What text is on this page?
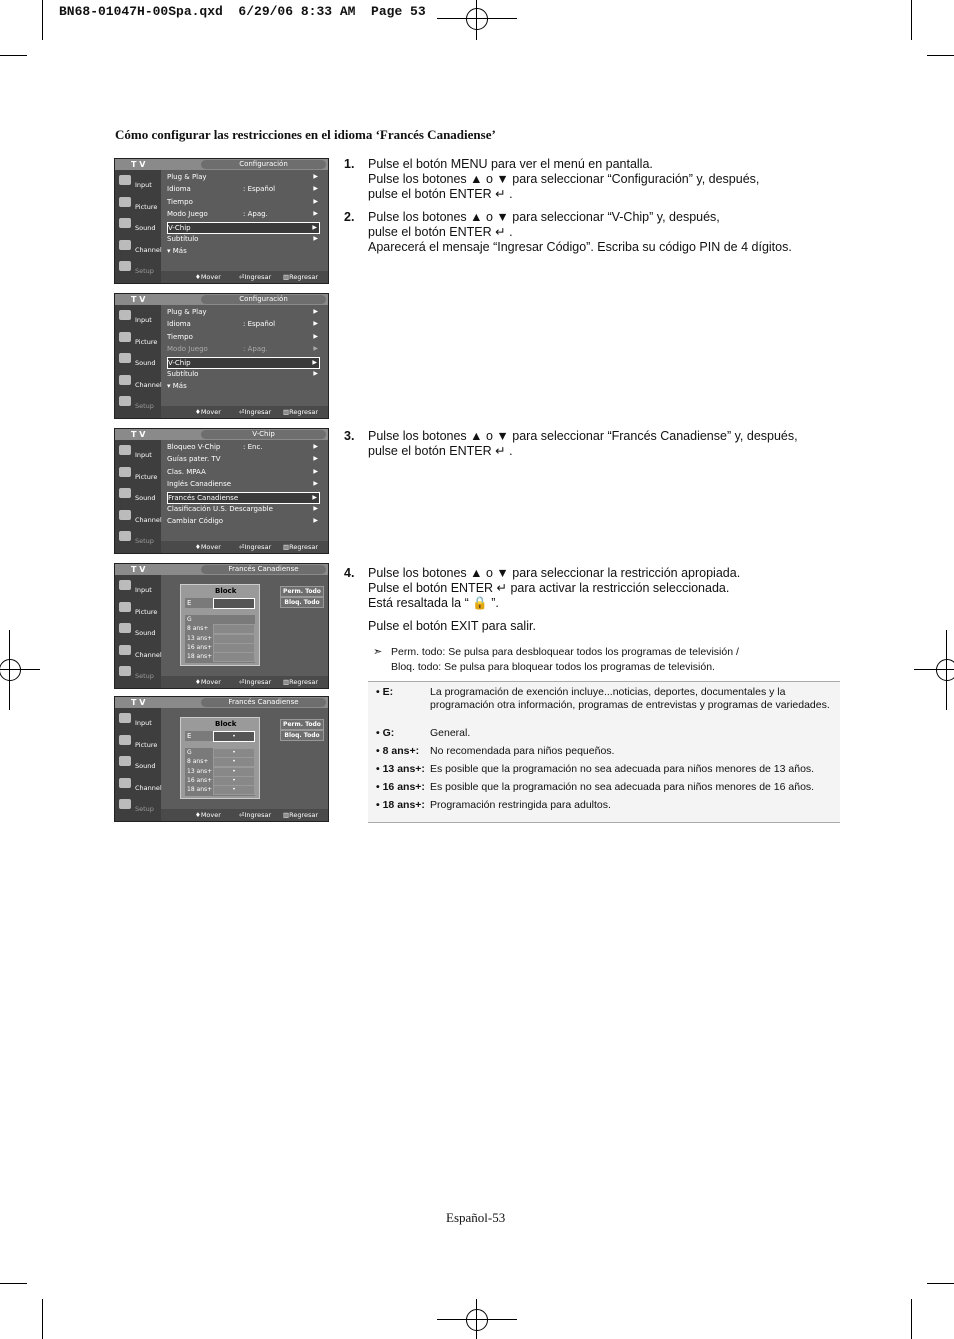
BN68-01047H-00Spa.qxd  6/29/06 8:33 AM  Page 53
Cómo configurar las restricciones en el idioma ‘Francés Canadiense’
T V	Configuración
Input
Picture
Sound
Channel
Setup
♦Mover	⏎Ingresar ▥Regresar
Plug & Play	▶
Idioma	: Español	▶
Tiempo	▶
Modo Juego	: Apag.	▶
V-Chip	▶
Subtítulo	▶
▾ Más
T V	Configuración
Input
Picture
Sound
Channel
Setup
♦Mover	⏎Ingresar ▥Regresar
Plug & Play	▶
Idioma	: Español	▶
Tiempo	▶
Modo Juego	: Apag.	▶
V-Chip	▶
Subtítulo	▶
▾ Más
T V	V-Chip
Input
Picture
Sound
Channel
Setup
♦Mover	⏎Ingresar ▥Regresar
Bloqueo V-Chip	: Enc.	▶
Guías pater. TV	▶
Clas. MPAA	▶
Inglés Canadiense	▶
Francés Canadiense	▶
Clasificación U.S. Descargable	▶
Cambiar Código	▶
T V	Francés Canadiense
Input
Picture
Sound
Channel
Setup
♦Mover	⏎Ingresar ▥Regresar
Block
E
G
8 ans+
13 ans+
16 ans+
18 ans+
Perm. Todo
Bloq. Todo
T V	Francés Canadiense
Input
Picture
Sound
Channel
Setup
♦Mover	⏎Ingresar ▥Regresar
Block
E	•
G	•
8 ans+	•
13 ans+	•
16 ans+	•
18 ans+	•
Perm. Todo
Bloq. Todo
1. Pulse el botón MENU para ver el menú en pantalla.
Pulse los botones ▲ o ▼ para seleccionar “Configuración” y, después,
pulse el botón ENTER ↵ .
2. Pulse los botones ▲ o ▼ para seleccionar “V-Chip” y, después,
pulse el botón ENTER ↵ .
Aparecerá el mensaje “Ingresar Código”. Escriba su código PIN de 4 dígitos.
3. Pulse los botones ▲ o ▼ para seleccionar “Francés Canadiense” y, después,
pulse el botón ENTER ↵ .
4. Pulse los botones ▲ o ▼ para seleccionar la restricción apropiada.
Pulse el botón ENTER ↵ para activar la restricción seleccionada.
Está resaltada la “ 🔒 ”.
Pulse el botón EXIT para salir.
➣ Perm. todo: Se pulsa para desbloquear todos los programas de televisión /
Bloq. todo: Se pulsa para bloquear todos los programas de televisión.
• E:	La programación de exención incluye...noticias, deportes, documentales y la programación otra información, programas de entrevistas y programas de variedades.
• G:	General.
• 8 ans+: No recomendada para niños pequeños.
• 13 ans+: Es posible que la programación no sea adecuada para niños menores de 13 años.
• 16 ans+: Es posible que la programación no sea adecuada para niños menores de 16 años.
• 18 ans+: Programación restringida para adultos.
Español-53
